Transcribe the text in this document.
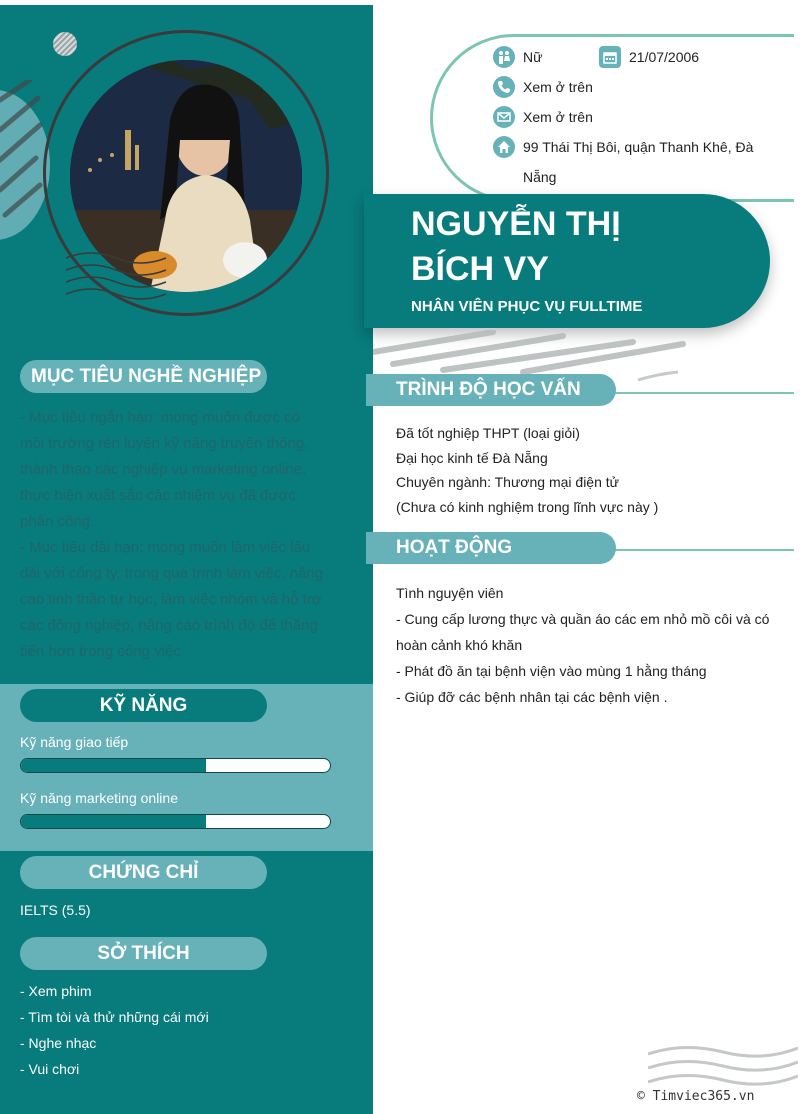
MỤC TIÊU NGHỀ NGHIỆP
- Mục tiêu ngắn hạn: mong muốn được có
môi trường rèn luyện kỹ năng truyền thông,
thành thạo các nghiệp vụ marketing online,
thực hiện xuất sắc các nhiệm vụ đã được
phân công.
- Mục tiêu dài hạn: mong muốn làm việc lâu
dài với công ty, trong quá trình làm việc, nâng
cao tinh thần tự học, làm việc nhóm và hỗ trợ
các đồng nghiệp, nâng cao trình độ để thăng
tiến hơn trong công việc
KỸ NĂNG
Kỹ năng giao tiếp
Kỹ năng marketing online
CHỨNG CHỈ
IELTS (5.5)
SỞ THÍCH
- Xem phim
- Tìm tòi và thử những cái mới
- Nghe nhạc
- Vui chơi
Nữ	21/07/2006
Xem ở trên
Xem ở trên
99 Thái Thị Bôi, quận Thanh Khê, Đà
Nẵng
NGUYỄN THỊ
BÍCH VY
NHÂN VIÊN PHỤC VỤ FULLTIME
TRÌNH ĐỘ HỌC VẤN
Đã tốt nghiệp THPT (loại giỏi)
Đại học kinh tế Đà Nẵng
Chuyên ngành: Thương mại điện tử
(Chưa có kinh nghiệm trong lĩnh vực này )
HOẠT ĐỘNG
Tình nguyện viên
- Cung cấp lương thực và quần áo các em nhỏ mồ côi và có
hoàn cảnh khó khăn
- Phát đồ ăn tại bệnh viện vào mùng 1 hằng tháng
- Giúp đỡ các bệnh nhân tại các bệnh viện .
© Timviec365.vn
